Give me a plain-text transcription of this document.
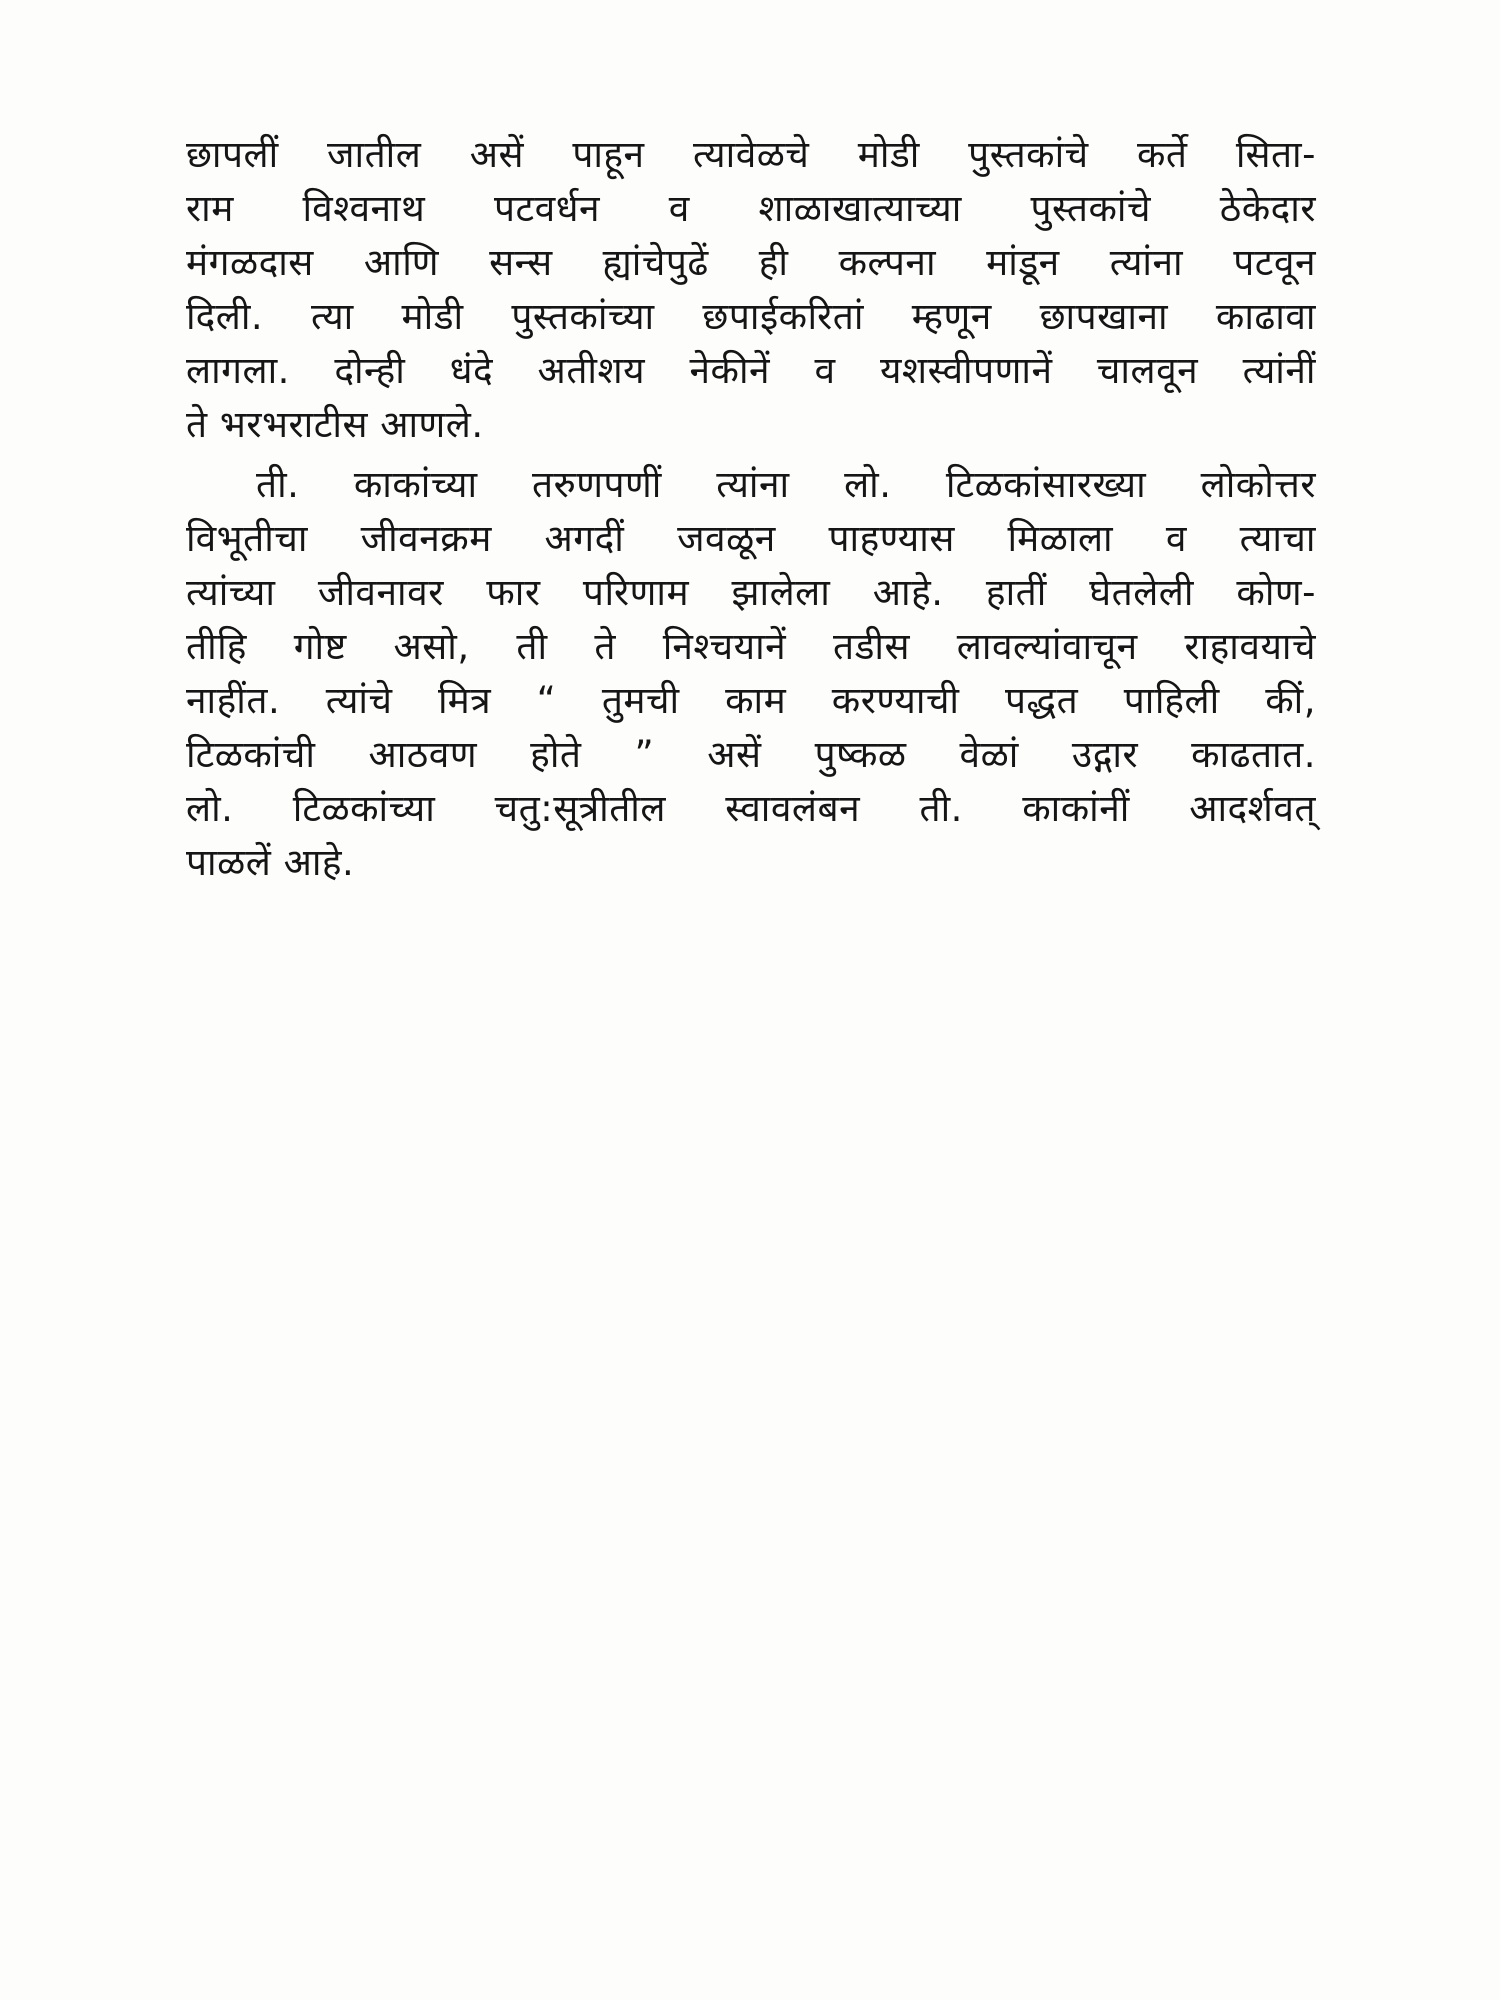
छापलीं जातील असें पाहून त्यावेळचे मोडी पुस्तकांचे कर्ते सिता-
राम विश्वनाथ पटवर्धन व शाळाखात्याच्या पुस्तकांचे ठेकेदार
मंगळदास आणि सन्स ह्यांचेपुढें ही कल्पना मांडून त्यांना पटवून
दिली. त्या मोडी पुस्तकांच्या छपाईकरितां म्हणून छापखाना काढावा
लागला. दोन्ही धंदे अतीशय नेकीनें व यशस्वीपणानें चालवून त्यांनीं
ते भरभराटीस आणले.
ती. काकांच्या तरुणपणीं त्यांना लो. टिळकांसारख्या लोकोत्तर
विभूतीचा जीवनक्रम अगदीं जवळून पाहण्यास मिळाला व त्याचा
त्यांच्या जीवनावर फार परिणाम झालेला आहे. हातीं घेतलेली कोण-
तीहि गोष्ट असो, ती ते निश्चयानें तडीस लावल्यांवाचून राहावयाचे
नाहींत. त्यांचे मित्र “ तुमची काम करण्याची पद्धत पाहिली कीं,
टिळकांची आठवण होते ” असें पुष्कळ वेळां उद्गार काढतात.
लो. टिळकांच्या चतु:सूत्रीतील स्वावलंबन ती. काकांनीं आदर्शवत्
पाळलें आहे.
